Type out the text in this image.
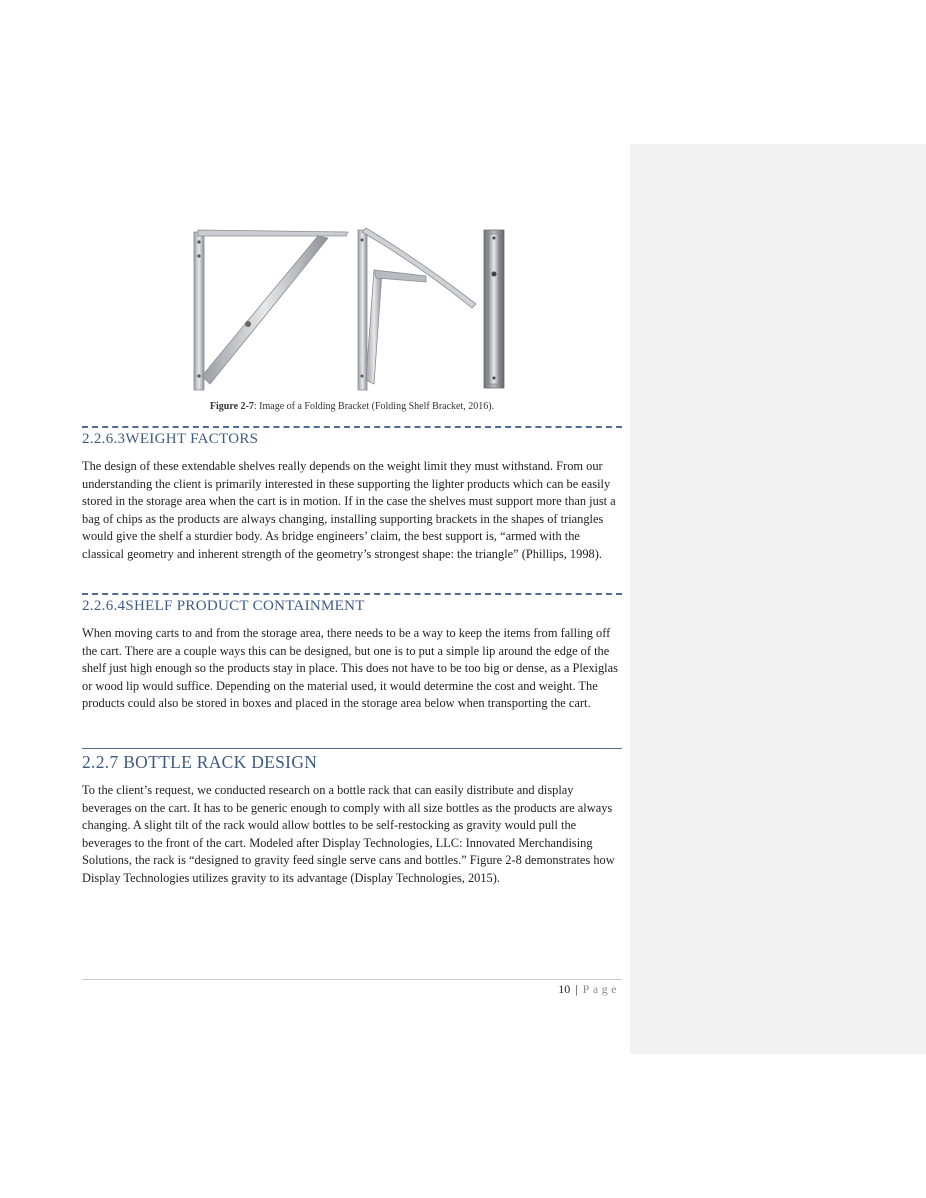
Figure 2-7: Image of a Folding Bracket (Folding Shelf Bracket, 2016).
2.2.6.3WEIGHT FACTORS

The design of these extendable shelves really depends on the weight limit they must withstand. From our understanding the client is primarily interested in these supporting the lighter products which can be easily stored in the storage area when the cart is in motion. If in the case the shelves must support more than just a bag of chips as the products are always changing, installing supporting brackets in the shapes of triangles would give the shelf a sturdier body. As bridge engineers’ claim, the best support is, “armed with the classical geometry and inherent strength of the geometry’s strongest shape: the triangle” (Phillips, 1998).

2.2.6.4SHELF PRODUCT CONTAINMENT

When moving carts to and from the storage area, there needs to be a way to keep the items from falling off the cart. There are a couple ways this can be designed, but one is to put a simple lip around the edge of the shelf just high enough so the products stay in place. This does not have to be too big or dense, as a Plexiglas or wood lip would suffice. Depending on the material used, it would determine the cost and weight. The products could also be stored in boxes and placed in the storage area below when transporting the cart.

2.2.7 BOTTLE RACK DESIGN

To the client’s request, we conducted research on a bottle rack that can easily distribute and display beverages on the cart. It has to be generic enough to comply with all size bottles as the products are always changing. A slight tilt of the rack would allow bottles to be self-restocking as gravity would pull the beverages to the front of the cart. Modeled after Display Technologies, LLC: Innovated Merchandising Solutions, the rack is “designed to gravity feed single serve cans and bottles.” Figure 2-8 demonstrates how Display Technologies utilizes gravity to its advantage (Display Technologies, 2015).

10 | Page
